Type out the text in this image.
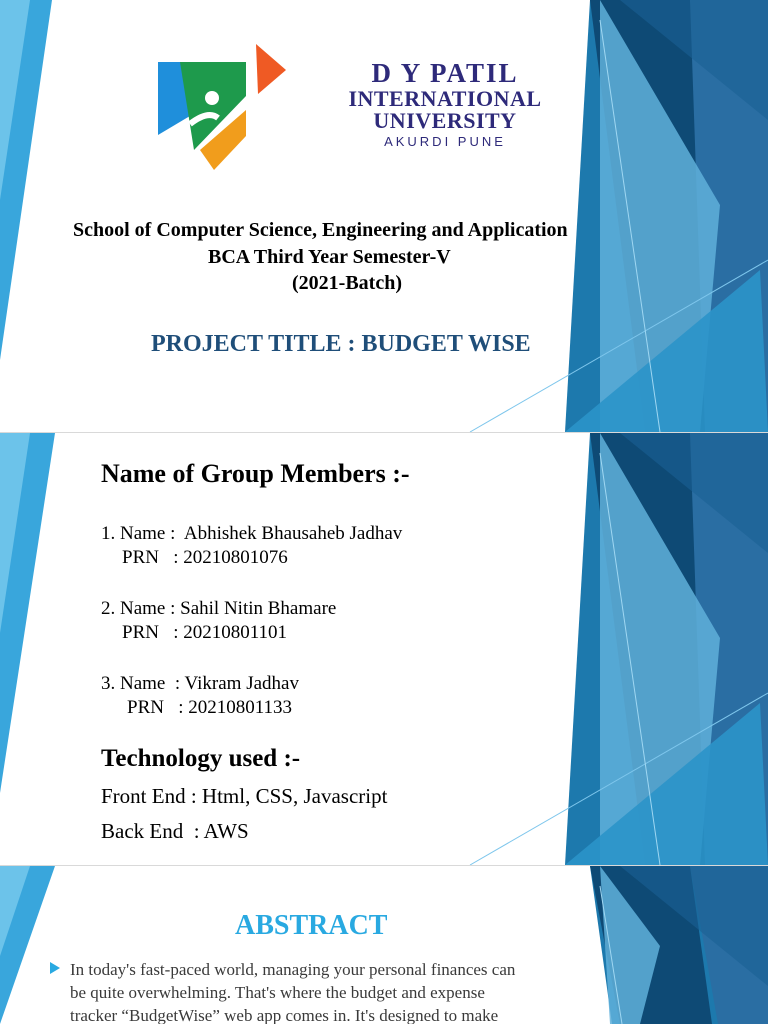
D Y PATIL
INTERNATIONAL
UNIVERSITY
AKURDI PUNE
School of Computer Science, Engineering and Application
BCA Third Year Semester-V
(2021-Batch)
PROJECT TITLE : BUDGET WISE
Name of Group Members :-
1. Name :  Abhishek Bhausaheb Jadhav
PRN   : 20210801076
2. Name : Sahil Nitin Bhamare
PRN   : 20210801101
3. Name  : Vikram Jadhav
PRN   : 20210801133
Technology used :-
Front End : Html, CSS, Javascript
Back End  : AWS
ABSTRACT
In today's fast-paced world, managing your personal finances can
be quite overwhelming. That's where the budget and expense
tracker “BudgetWise” web app comes in. It's designed to make
